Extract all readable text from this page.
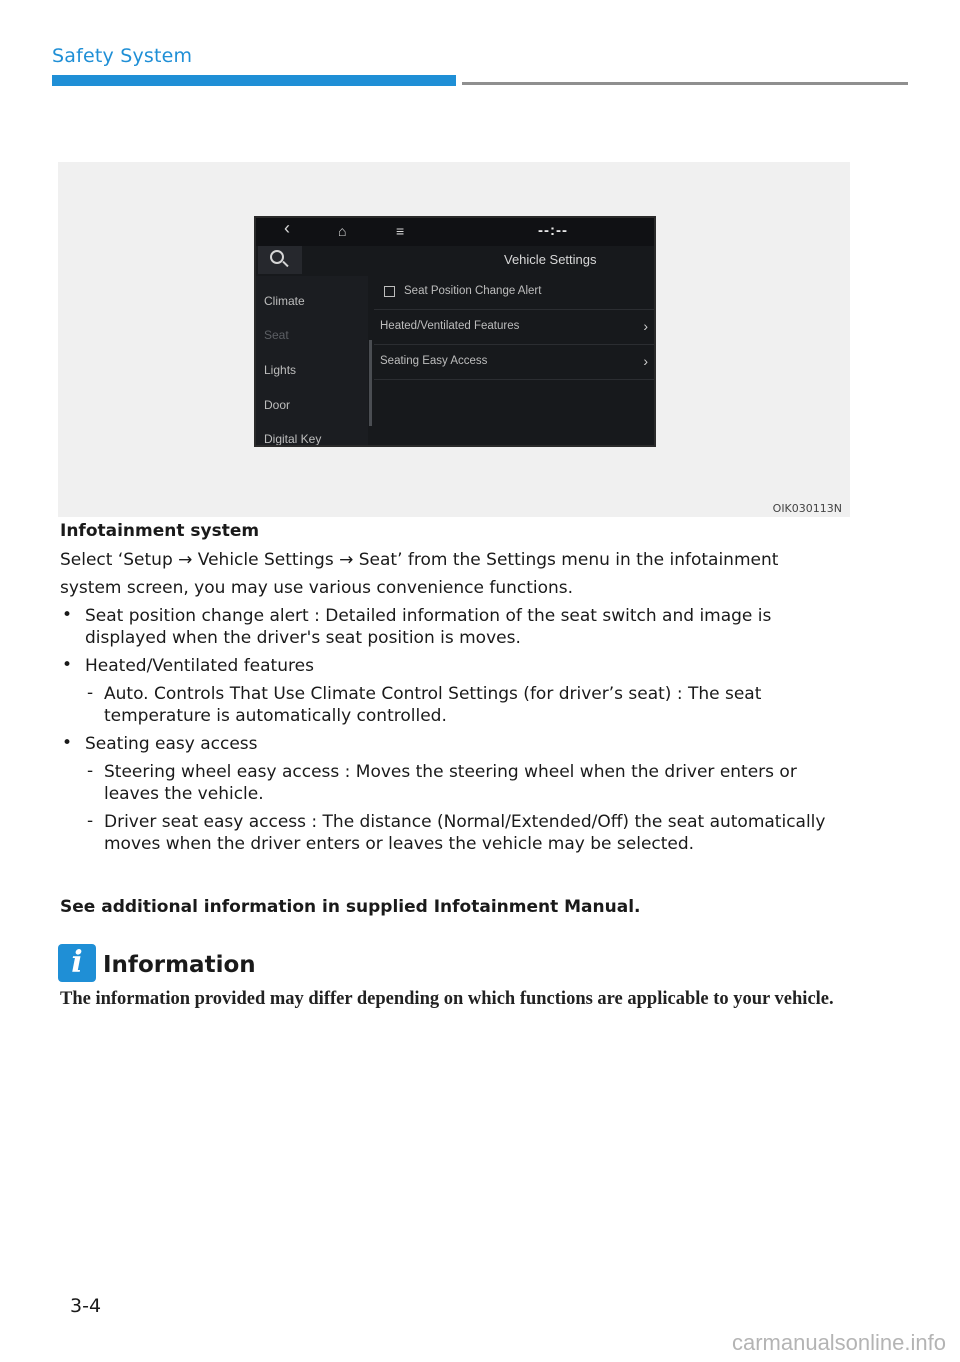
Safety System
‹	⌂	≡	--:--
Vehicle Settings
Climate
Seat
Lights
Door
Digital Key
Seat Position Change Alert
Heated/Ventilated Features	›
Seating Easy Access	›
OIK030113N
Infotainment system
Select ‘Setup → Vehicle Settings → Seat’ from the Settings menu in the infotainment
system screen, you may use various convenience functions.
• Seat position change alert : Detailed information of the seat switch and image is displayed when the driver's seat position is moves.
• Heated/Ventilated features
- Auto. Controls That Use Climate Control Settings (for driver’s seat) : The seat temperature is automatically controlled.
• Seating easy access
- Steering wheel easy access : Moves the steering wheel when the driver enters or leaves the vehicle.
- Driver seat easy access : The distance (Normal/Extended/Off) the seat automatically moves when the driver enters or leaves the vehicle may be selected.
See additional information in supplied Infotainment Manual.
i Information
The information provided may differ depending on which functions are applicable to your vehicle.
3-4
carmanualsonline.info
